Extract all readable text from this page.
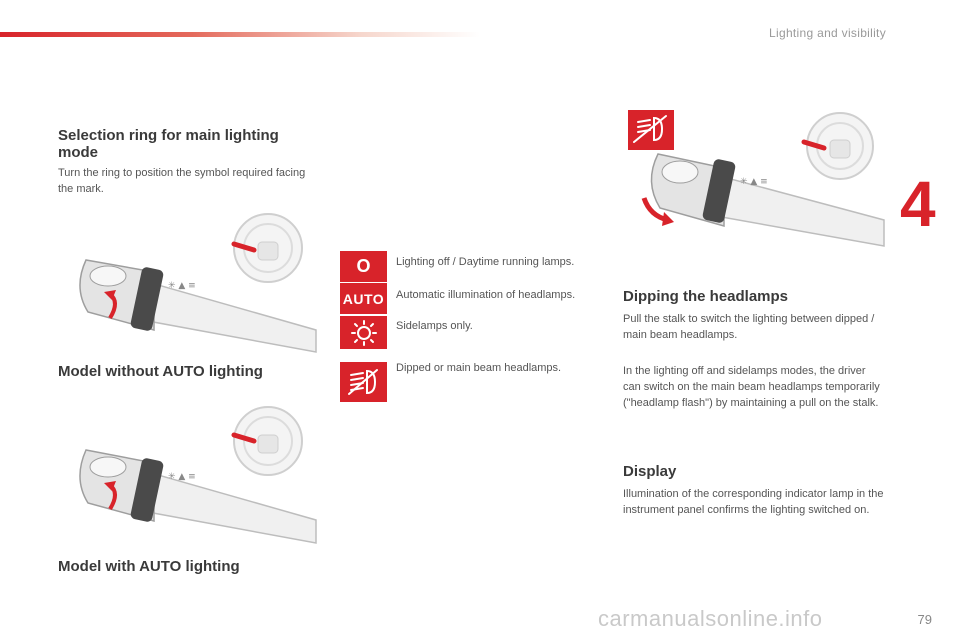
Lighting and visibility
4
Selection ring for main lighting mode

Turn the ring to position the symbol required facing the mark.

✳ ▲ ≡
Model without AUTO lighting
✳ ▲ ≡
Model with AUTO lighting
O Lighting off / Daytime running lamps.
AUTO Automatic illumination of headlamps.
Sidelamps only.
Dipped or main beam headlamps.
✳ ▲ ≡
Dipping the headlamps

Pull the stalk to switch the lighting between dipped / main beam headlamps.

In the lighting off and sidelamps modes, the driver can switch on the main beam headlamps temporarily ("headlamp flash") by maintaining a pull on the stalk.

Display

Illumination of the corresponding indicator lamp in the instrument panel confirms the lighting switched on.

carmanualsonline.info	79
